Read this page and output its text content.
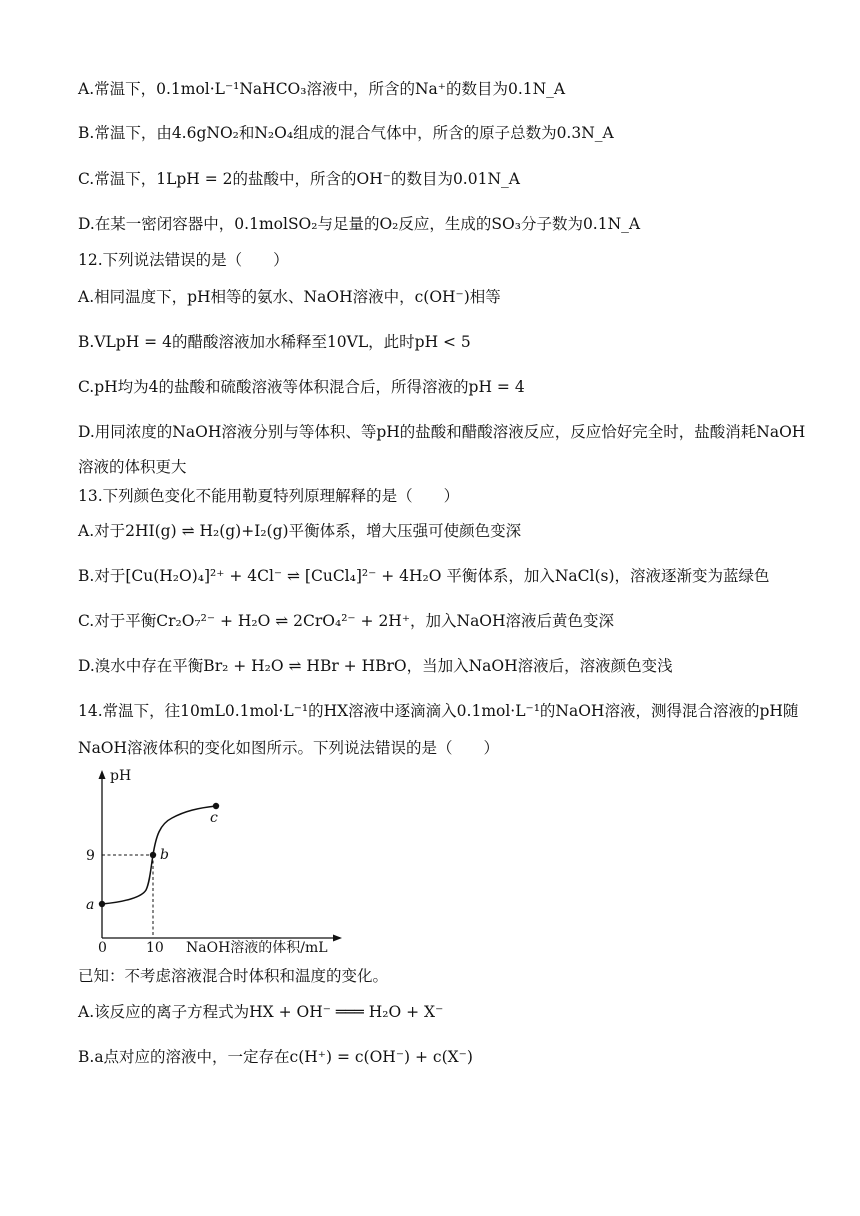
A.常温下，0.1mol·L⁻¹NaHCO₃溶液中，所含的Na⁺的数目为0.1N_A
B.常温下，由4.6gNO₂和N₂O₄组成的混合气体中，所含的原子总数为0.3N_A
C.常温下，1LpH = 2的盐酸中，所含的OH⁻的数目为0.01N_A
D.在某一密闭容器中，0.1molSO₂与足量的O₂反应，生成的SO₃分子数为0.1N_A
12.下列说法错误的是（　　）
A.相同温度下，pH相等的氨水、NaOH溶液中，c(OH⁻)相等
B.VLpH = 4的醋酸溶液加水稀释至10VL，此时pH < 5
C.pH均为4的盐酸和硫酸溶液等体积混合后，所得溶液的pH = 4
D.用同浓度的NaOH溶液分别与等体积、等pH的盐酸和醋酸溶液反应，反应恰好完全时，盐酸消耗NaOH
溶液的体积更大
13.下列颜色变化不能用勒夏特列原理解释的是（　　）
A.对于2HI(g) ⇌ H₂(g)+I₂(g)平衡体系，增大压强可使颜色变深
B.对于[Cu(H₂O)₄]²⁺ + 4Cl⁻ ⇌ [CuCl₄]²⁻ + 4H₂O 平衡体系，加入NaCl(s)，溶液逐渐变为蓝绿色
C.对于平衡Cr₂O₇²⁻ + H₂O ⇌ 2CrO₄²⁻ + 2H⁺，加入NaOH溶液后黄色变深
D.溴水中存在平衡Br₂ + H₂O ⇌ HBr + HBrO，当加入NaOH溶液后，溶液颜色变浅
14.常温下，往10mL0.1mol·L⁻¹的HX溶液中逐滴滴入0.1mol·L⁻¹的NaOH溶液，测得混合溶液的pH随
NaOH溶液体积的变化如图所示。下列说法错误的是（　　）
pH
a
b
c
9
0	10 NaOH溶液的体积/mL
已知：不考虑溶液混合时体积和温度的变化。
A.该反应的离子方程式为HX + OH⁻ ═══ H₂O + X⁻
B.a点对应的溶液中，一定存在c(H⁺) = c(OH⁻) + c(X⁻)
